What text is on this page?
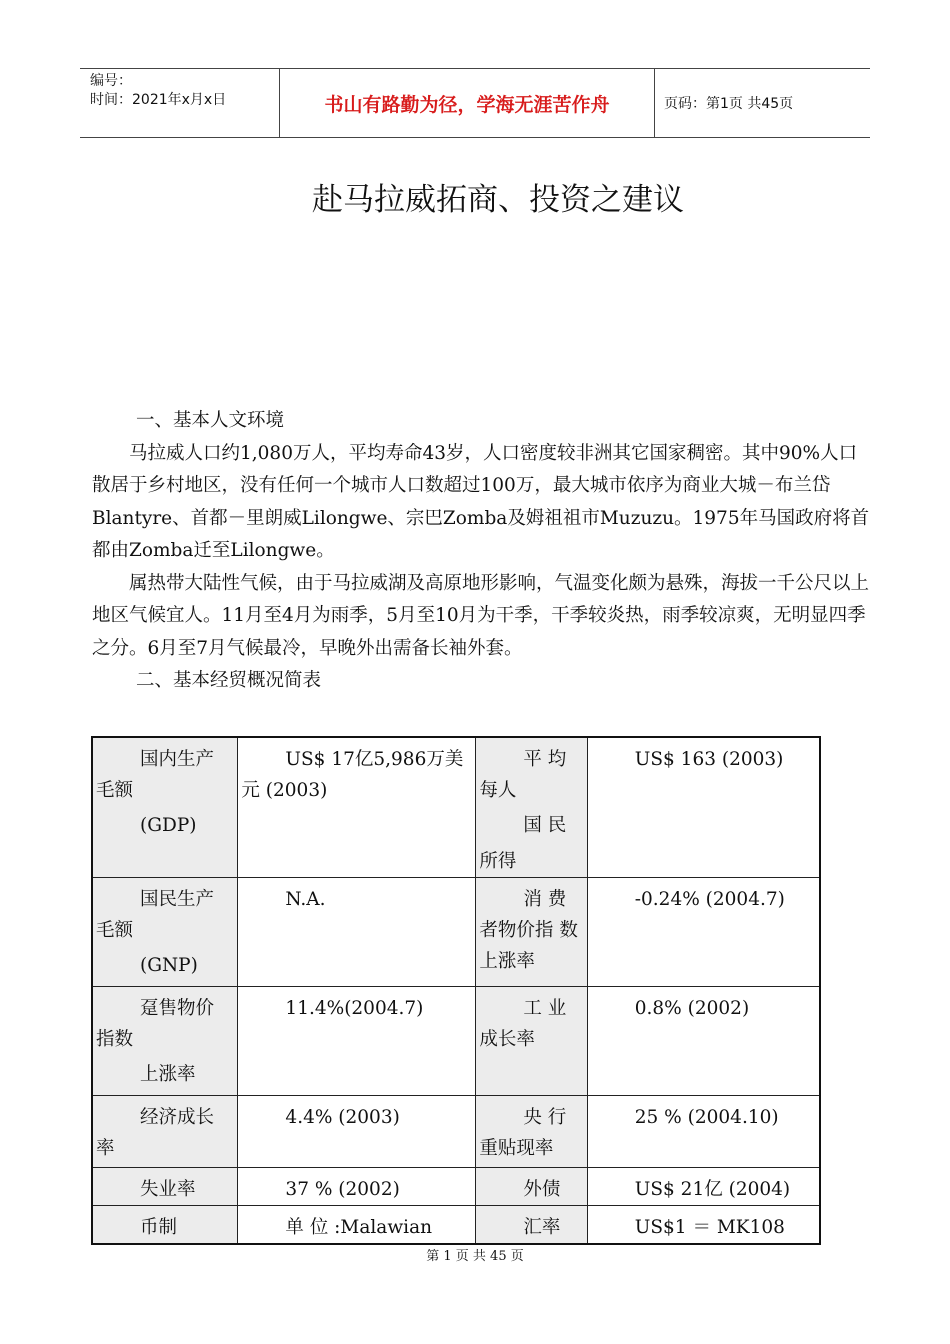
编号：
时间：2021年x月x日	书山有路勤为径，学海无涯苦作舟	页码：第1页 共45页
赴马拉威拓商、投资之建议

一、基本人文环境

马拉威人口约1,080万人，平均寿命43岁，人口密度较非洲其它国家稠密。其中90%人口散居于乡村地区，没有任何一个城市人口数超过100万，最大城市依序为商业大城－布兰岱Blantyre、首都－里朗威Lilongwe、宗巴Zomba及姆祖祖市Muzuzu。1975年马国政府将首都由Zomba迁至Lilongwe。

属热带大陆性气候，由于马拉威湖及高原地形影响，气温变化颇为悬殊，海拔一千公尺以上地区气候宜人。11月至4月为雨季，5月至10月为干季，干季较炎热，雨季较凉爽，无明显四季之分。6月至7月气候最冷，早晚外出需备长袖外套。

二、基本经贸概况简表

国内生产
毛额
(GDP)	US$ 17亿5,986万美元 (2003)	平 均
每人
国 民
所得	US$ 163 (2003)

国民生产
毛额
(GNP)	N.A.	消 费
者物价指 数上涨率	-0.24% (2004.7)

趸售物价
指数
上涨率	11.4%(2004.7)	工 业
成长率	0.8% (2002)

经济成长
率	4.4% (2003)	央 行
重贴现率	25 % (2004.10)

失业率	37 % (2002)	外债	US$ 21亿 (2004)

币制	单 位 :Malawian	汇率	US$1 ＝ MK108
第 1 页 共 45 页
